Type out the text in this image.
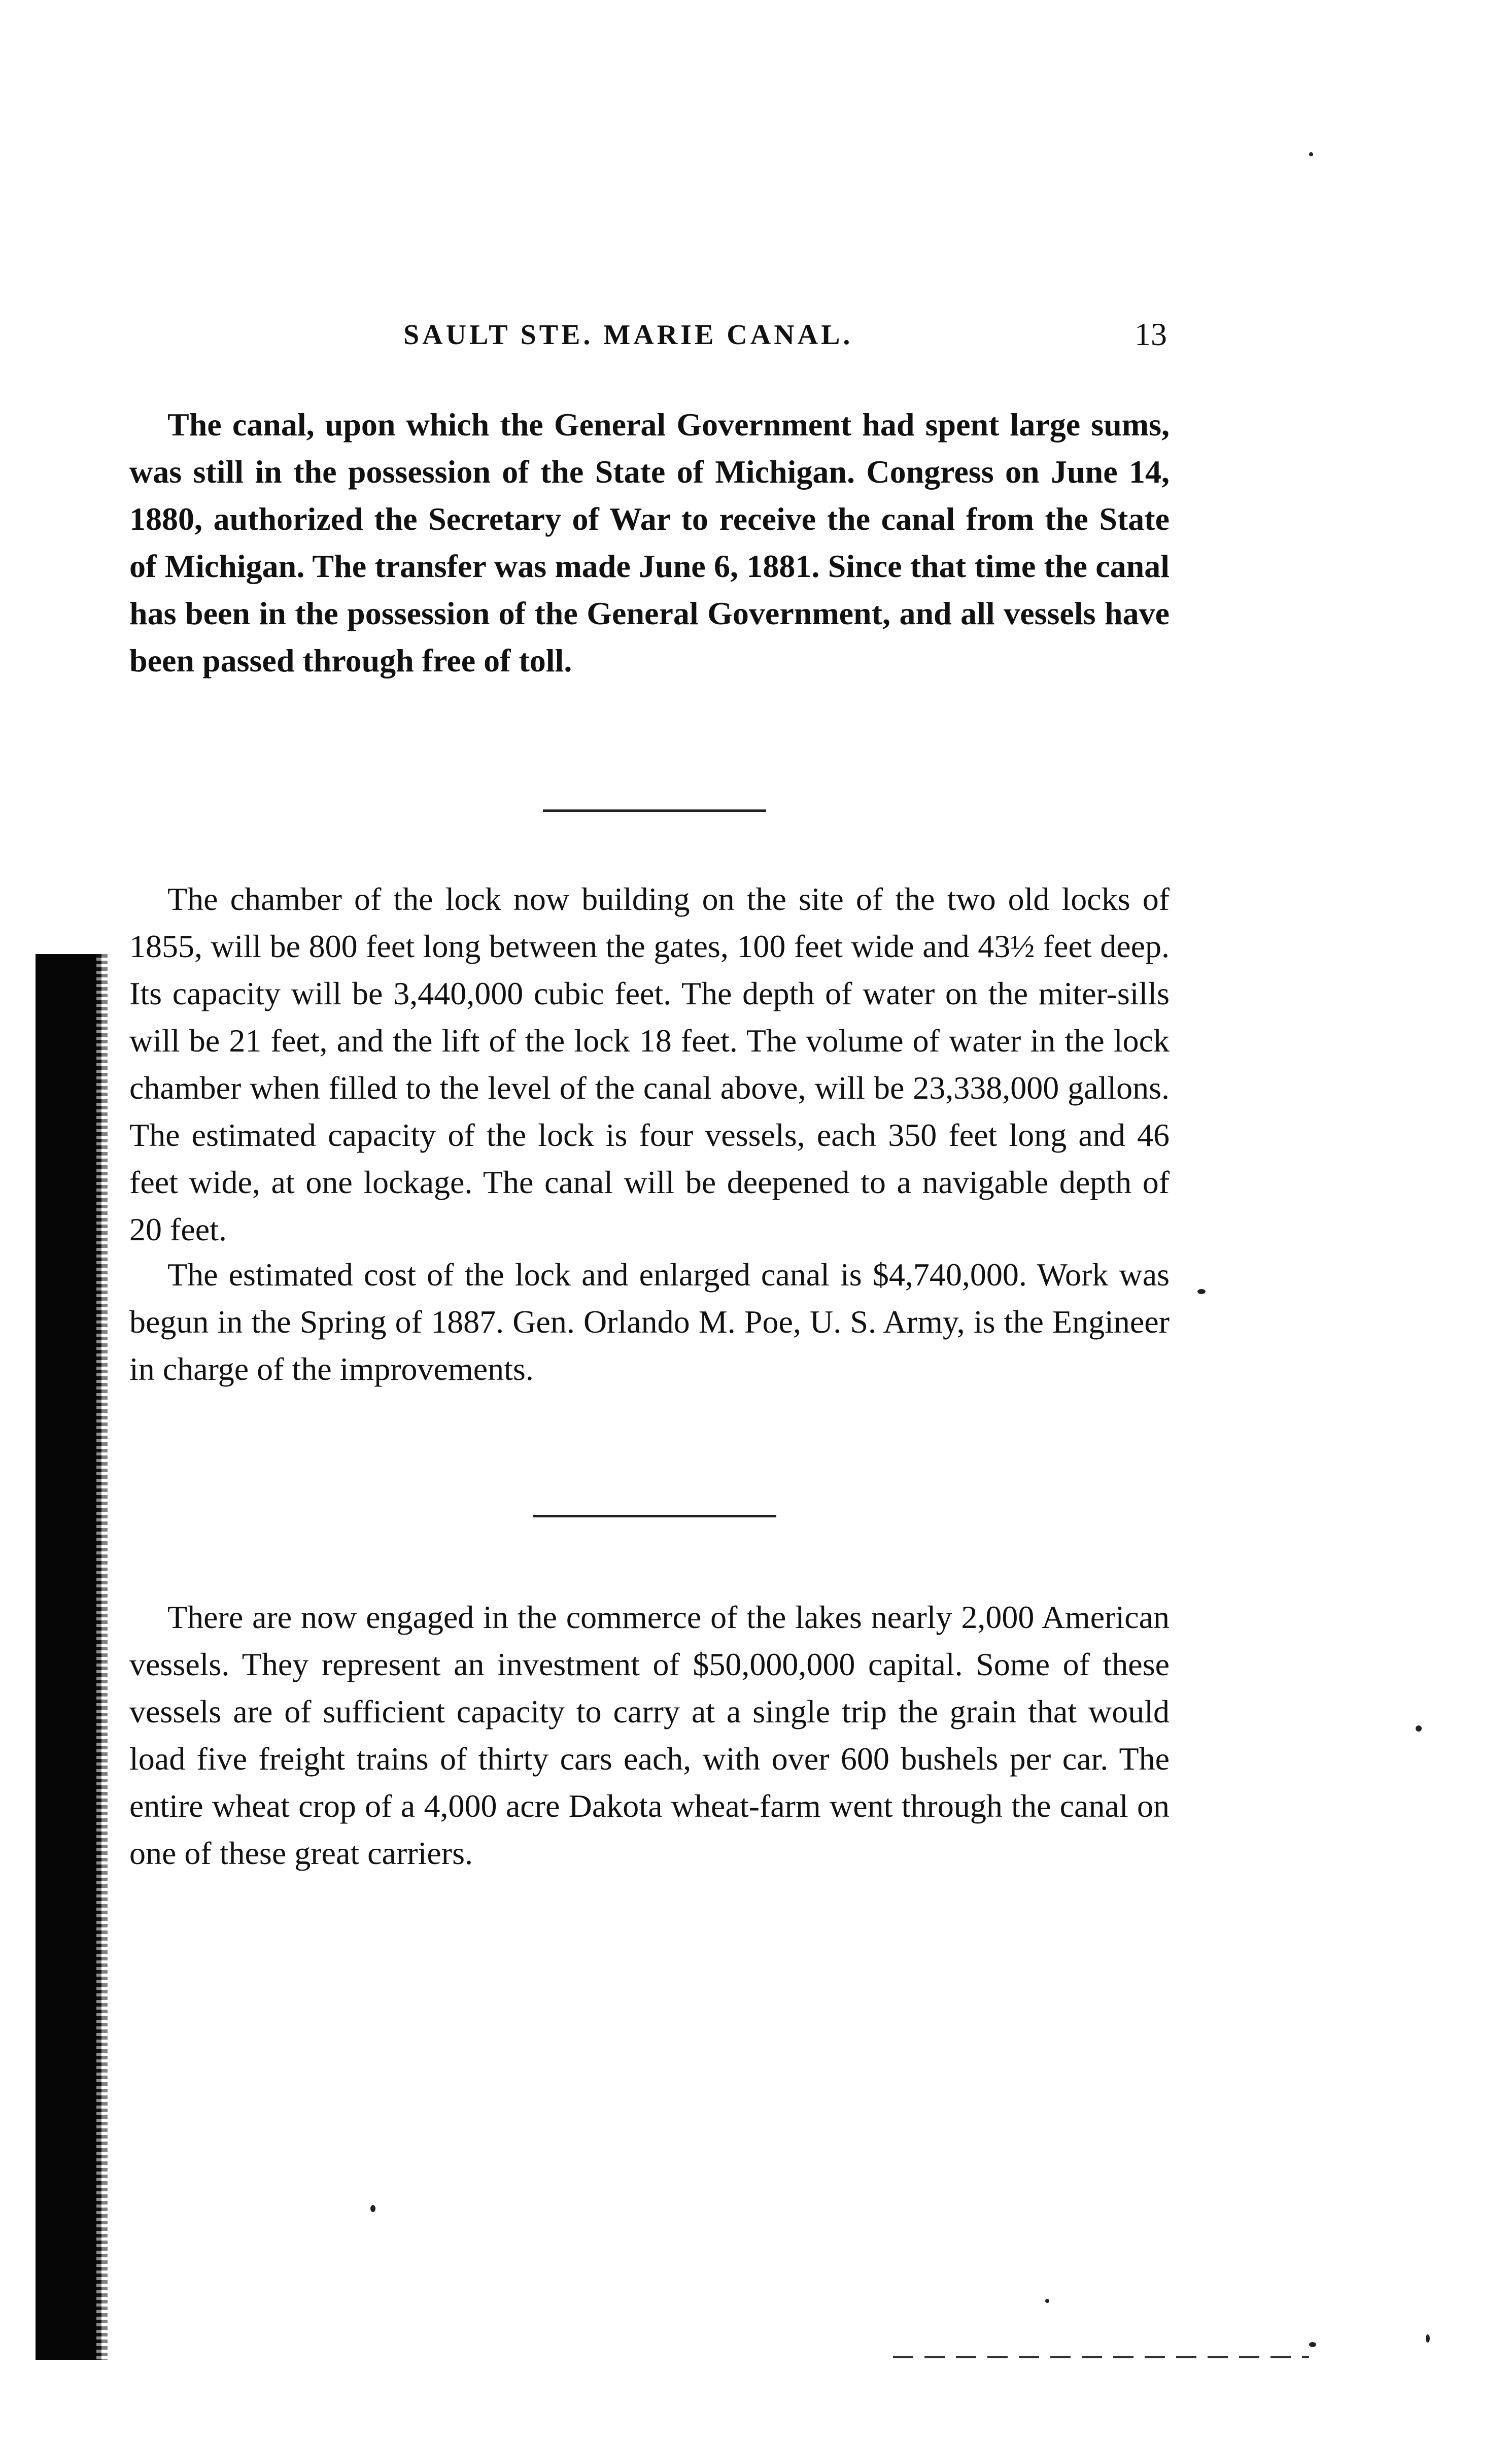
SAULT STE. MARIE CANAL.	13

The canal, upon which the General Government had spent large sums, was still in the possession of the State of Michigan. Congress on June 14, 1880, authorized the Secretary of War to receive the canal from the State of Michigan. The transfer was made June 6, 1881. Since that time the canal has been in the possession of the General Government, and all vessels have been passed through free of toll.

The chamber of the lock now building on the site of the two old locks of 1855, will be 800 feet long between the gates, 100 feet wide and 43½ feet deep. Its capacity will be 3,440,000 cubic feet. The depth of water on the miter-sills will be 21 feet, and the lift of the lock 18 feet. The volume of water in the lock chamber when filled to the level of the canal above, will be 23,338,000 gallons. The estimated capacity of the lock is four vessels, each 350 feet long and 46 feet wide, at one lockage. The canal will be deepened to a navigable depth of 20 feet.

The estimated cost of the lock and enlarged canal is $4,740,000. Work was begun in the Spring of 1887. Gen. Orlando M. Poe, U. S. Army, is the Engineer in charge of the improvements.

There are now engaged in the commerce of the lakes nearly 2,000 American vessels. They represent an investment of $50,000,000 capital. Some of these vessels are of sufficient capacity to carry at a single trip the grain that would load five freight trains of thirty cars each, with over 600 bushels per car. The entire wheat crop of a 4,000 acre Dakota wheat-farm went through the canal on one of these great carriers.
